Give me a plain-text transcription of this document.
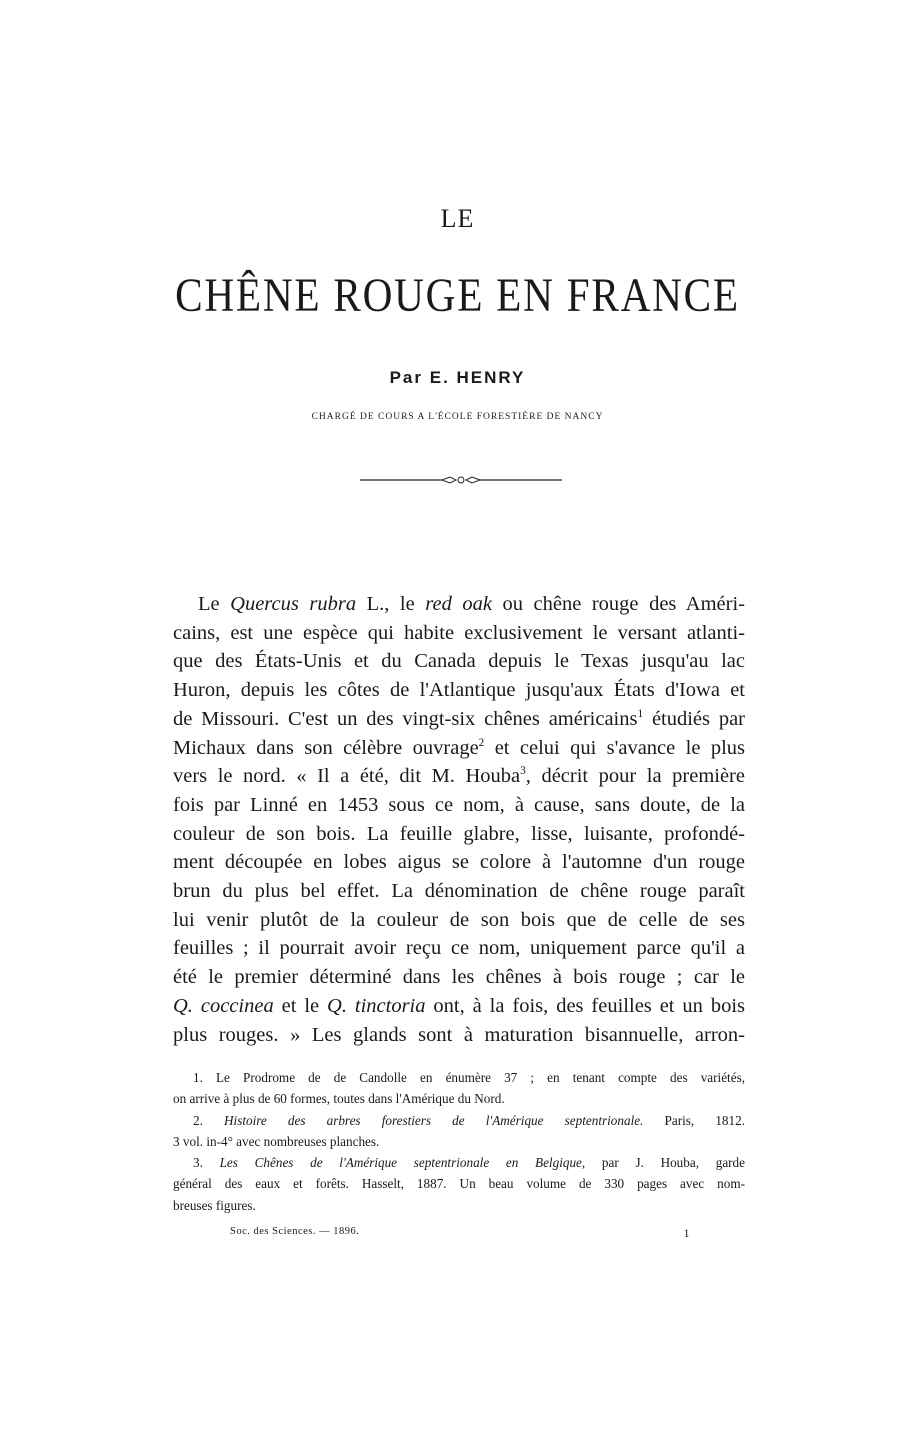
LE
CHÊNE ROUGE EN FRANCE
Par E. HENRY
CHARGÉ DE COURS A L'ÉCOLE FORESTIÈRE DE NANCY
Le Quercus rubra L., le red oak ou chêne rouge des Améri-
cains, est une espèce qui habite exclusivement le versant atlanti-
que des États-Unis et du Canada depuis le Texas jusqu'au lac
Huron, depuis les côtes de l'Atlantique jusqu'aux États d'Iowa et
de Missouri. C'est un des vingt-six chênes américains$^1$ étudiés par
Michaux dans son célèbre ouvrage$^2$ et celui qui s'avance le plus
vers le nord. « Il a été, dit M. Houba$^3$, décrit pour la première
fois par Linné en 1453 sous ce nom, à cause, sans doute, de la
couleur de son bois. La feuille glabre, lisse, luisante, profondé-
ment découpée en lobes aigus se colore à l'automne d'un rouge
brun du plus bel effet. La dénomination de chêne rouge paraît
lui venir plutôt de la couleur de son bois que de celle de ses
feuilles ; il pourrait avoir reçu ce nom, uniquement parce qu'il a
été le premier déterminé dans les chênes à bois rouge ; car le
Q. coccinea et le Q. tinctoria ont, à la fois, des feuilles et un bois
plus rouges. » Les glands sont à maturation bisannuelle, arron-
1. Le Prodrome de de Candolle en énumère 37 ; en tenant compte des variétés,
on arrive à plus de 60 formes, toutes dans l'Amérique du Nord.
2. Histoire des arbres forestiers de l'Amérique septentrionale. Paris, 1812.
3 vol. in-4° avec nombreuses planches.
3. Les Chênes de l'Amérique septentrionale en Belgique, par J. Houba, garde
général des eaux et forêts. Hasselt, 1887. Un beau volume de 330 pages avec nom-
breuses figures.
Soc. des Sciences. — 1896.	1
